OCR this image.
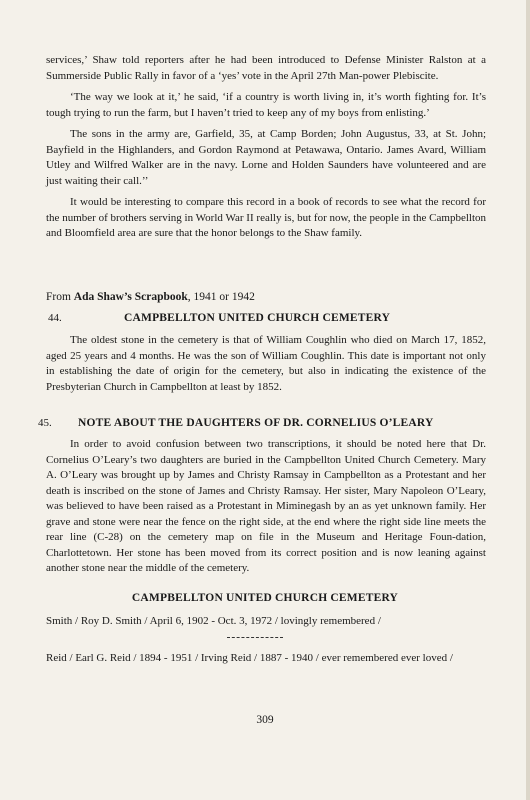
services,’ Shaw told reporters after he had been introduced to Defense Minister Ralston at a Summerside Public Rally in favor of a ‘yes’ vote in the April 27th Man-power Plebiscite.

‘The way we look at it,’ he said, ‘if a country is worth living in, it’s worth fighting for. It’s tough trying to run the farm, but I haven’t tried to keep any of my boys from enlisting.’

The sons in the army are, Garfield, 35, at Camp Borden; John Augustus, 33, at St. John; Bayfield in the Highlanders, and Gordon Raymond at Petawawa, Ontario. James Avard, William Utley and Wilfred Walker are in the navy. Lorne and Holden Saunders have volunteered and are just waiting their call.’’

It would be interesting to compare this record in a book of records to see what the record for the number of brothers serving in World War II really is, but for now, the people in the Campbellton and Bloomfield area are sure that the honor belongs to the Shaw family.

From Ada Shaw’s Scrapbook, 1941 or 1942
44.	CAMPBELLTON UNITED CHURCH CEMETERY

The oldest stone in the cemetery is that of William Coughlin who died on March 17, 1852, aged 25 years and 4 months. He was the son of William Coughlin. This date is important not only in establishing the date of origin for the cemetery, but also in indicating the existence of the Presbyterian Church in Campbellton at least by 1852.

45. NOTE ABOUT THE DAUGHTERS OF DR. CORNELIUS O’LEARY

In order to avoid confusion between two transcriptions, it should be noted here that Dr. Cornelius O’Leary’s two daughters are buried in the Campbellton United Church Cemetery. Mary A. O’Leary was brought up by James and Christy Ramsay in Campbellton as a Protestant and her death is inscribed on the stone of James and Christy Ramsay. Her sister, Mary Napoleon O’Leary, was believed to have been raised as a Protestant in Miminegash by an as yet unknown family. Her grave and stone were near the fence on the right side, at the end where the right side line meets the rear line (C-28) on the cemetery map on file in the Museum and Heritage Foun-dation, Charlottetown. Her stone has been moved from its correct position and is now leaning against another stone near the middle of the cemetery.

CAMPBELLTON UNITED CHURCH CEMETERY
Smith / Roy D. Smith / April 6, 1902 - Oct. 3, 1972 / lovingly remembered /
Reid / Earl G. Reid / 1894 - 1951 / Irving Reid / 1887 - 1940 / ever remembered ever loved /
309
